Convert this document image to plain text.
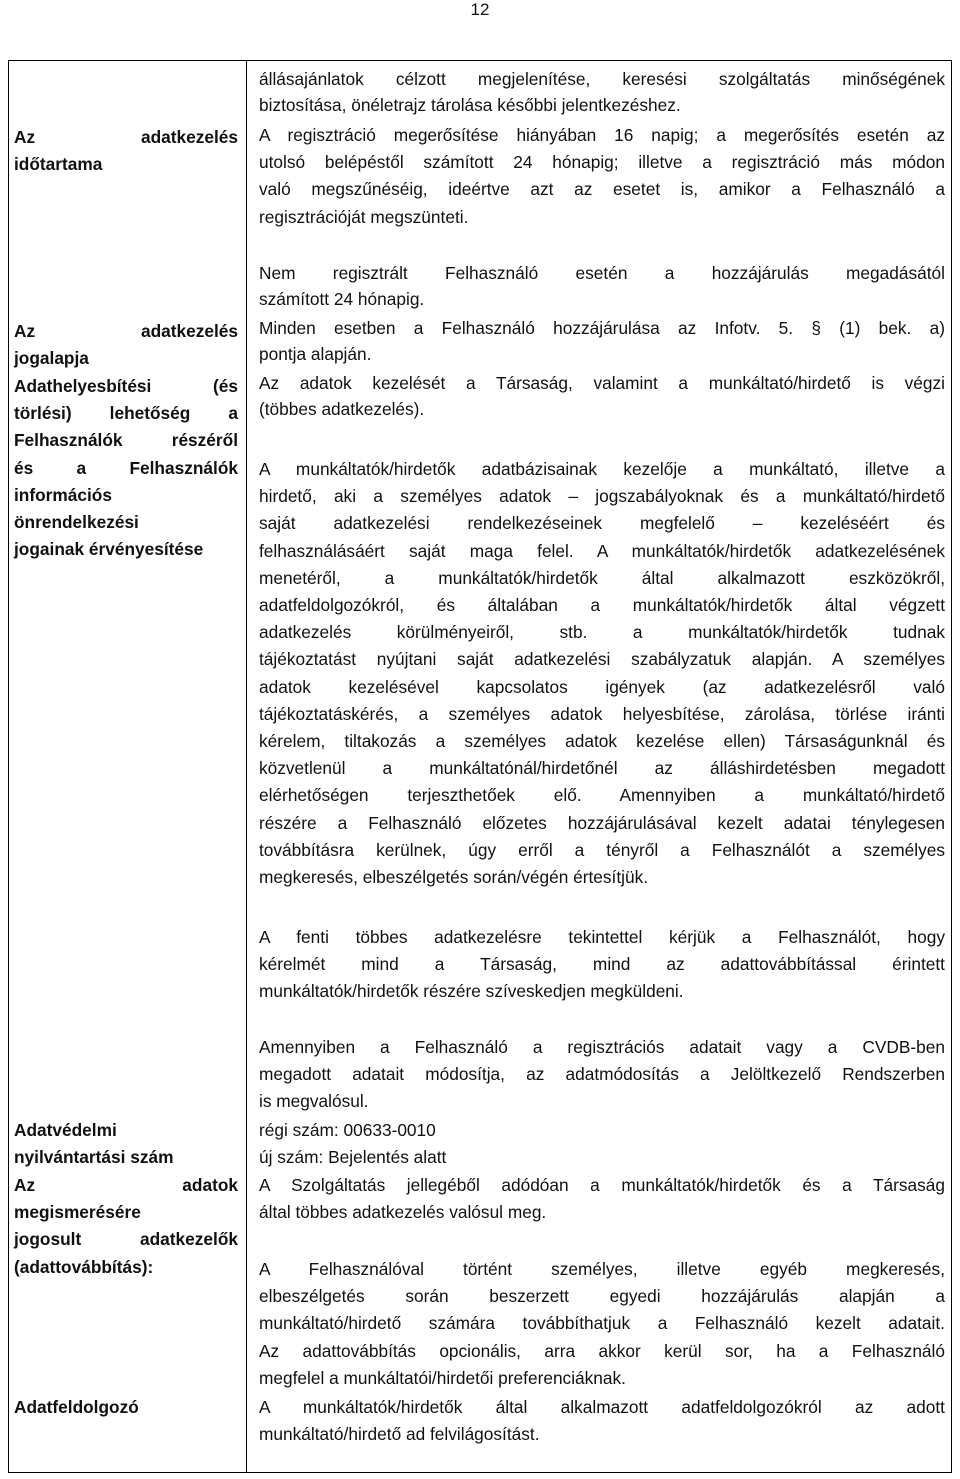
12
Az adatkezelés
időtartama
Az adatkezelés
jogalapja
Adathelyesbítési (és
törlési) lehetőség a
Felhasználók részéről
és a Felhasználók
információs
önrendelkezési
jogainak érvényesítése
Adatvédelmi
nyilvántartási szám
Az adatok
megismerésére
jogosult adatkezelők
(adattovábbítás):
Adatfeldolgozó
állásajánlatok célzott megjelenítése, keresési szolgáltatás minőségének
biztosítása, önéletrajz tárolása későbbi jelentkezéshez.
A regisztráció megerősítése hiányában 16 napig; a megerősítés esetén az
utolsó belépéstől számított 24 hónapig; illetve a regisztráció más módon
való megszűnéséig, ideértve azt az esetet is, amikor a Felhasználó a
regisztrációját megszünteti.
Nem regisztrált Felhasználó esetén a hozzájárulás megadásától
számított 24 hónapig.
Minden esetben a Felhasználó hozzájárulása az Infotv. 5. § (1) bek. a)
pontja alapján.
Az adatok kezelését a Társaság, valamint a munkáltató/hirdető is végzi
(többes adatkezelés).
A munkáltatók/hirdetők adatbázisainak kezelője a munkáltató, illetve a
hirdető, aki a személyes adatok – jogszabályoknak és a munkáltató/hirdető
saját adatkezelési rendelkezéseinek megfelelő – kezeléséért és
felhasználásáért saját maga felel. A munkáltatók/hirdetők adatkezelésének
menetéről, a munkáltatók/hirdetők által alkalmazott eszközökről,
adatfeldolgozókról, és általában a munkáltatók/hirdetők által végzett
adatkezelés körülményeiről, stb. a munkáltatók/hirdetők tudnak
tájékoztatást nyújtani saját adatkezelési szabályzatuk alapján. A személyes
adatok kezelésével kapcsolatos igények (az adatkezelésről való
tájékoztatáskérés, a személyes adatok helyesbítése, zárolása, törlése iránti
kérelem, tiltakozás a személyes adatok kezelése ellen) Társaságunknál és
közvetlenül a munkáltatónál/hirdetőnél az álláshirdetésben megadott
elérhetőségen terjeszthetőek elő. Amennyiben a munkáltató/hirdető
részére a Felhasználó előzetes hozzájárulásával kezelt adatai ténylegesen
továbbításra kerülnek, úgy erről a tényről a Felhasználót a személyes
megkeresés, elbeszélgetés során/végén értesítjük.
A fenti többes adatkezelésre tekintettel kérjük a Felhasználót, hogy
kérelmét mind a Társaság, mind az adattovábbítással érintett
munkáltatók/hirdetők részére szíveskedjen megküldeni.
Amennyiben a Felhasználó a regisztrációs adatait vagy a CVDB-ben
megadott adatait módosítja, az adatmódosítás a Jelöltkezelő Rendszerben
is megvalósul.
régi szám: 00633-0010
új szám: Bejelentés alatt
A Szolgáltatás jellegéből adódóan a munkáltatók/hirdetők és a Társaság
által többes adatkezelés valósul meg.
A Felhasználóval történt személyes, illetve egyéb megkeresés,
elbeszélgetés során beszerzett egyedi hozzájárulás alapján a
munkáltató/hirdető számára továbbíthatjuk a Felhasználó kezelt adatait.
Az adattovábbítás opcionális, arra akkor kerül sor, ha a Felhasználó
megfelel a munkáltatói/hirdetői preferenciáknak.
A munkáltatók/hirdetők által alkalmazott adatfeldolgozókról az adott
munkáltató/hirdető ad felvilágosítást.
